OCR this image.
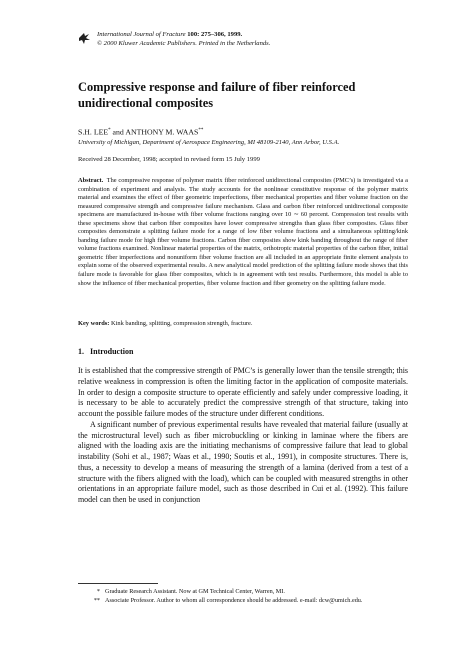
International Journal of Fracture 100: 275–306, 1999.
© 2000 Kluwer Academic Publishers. Printed in the Netherlands.
Compressive response and failure of fiber reinforced unidirectional composites
S.H. LEE* and ANTHONY M. WAAS**
University of Michigan, Department of Aerospace Engineering, MI 48109-2140, Ann Arbor, U.S.A.
Received 28 December, 1998; accepted in revised form 15 July 1999

Abstract. The compressive response of polymer matrix fiber reinforced unidirectional composites (PMC’s) is investigated via a combination of experiment and analysis. The study accounts for the nonlinear constitutive response of the polymer matrix material and examines the effect of fiber geometric imperfections, fiber mechanical properties and fiber volume fraction on the measured compressive strength and compressive failure mechanism. Glass and carbon fiber reinforced unidirectional composite specimens are manufactured in-house with fiber volume fractions ranging over 10 ∼ 60 percent. Compression test results with these specimens show that carbon fiber composites have lower compressive strengths than glass fiber composites. Glass fiber composites demonstrate a splitting failure mode for a range of low fiber volume fractions and a simultaneous splitting/kink banding failure mode for high fiber volume fractions. Carbon fiber composites show kink banding throughout the range of fiber volume fractions examined. Nonlinear material properties of the matrix, orthotropic material properties of the carbon fiber, initial geometric fiber imperfections and nonuniform fiber volume fraction are all included in an appropriate finite element analysis to explain some of the observed experimental results. A new analytical model prediction of the splitting failure mode shows that this failure mode is favorable for glass fiber composites, which is in agreement with test results. Furthermore, this model is able to show the influence of fiber mechanical properties, fiber volume fraction and fiber geometry on the splitting failure mode.

Key words: Kink banding, splitting, compression strength, fracture.
1.   Introduction

It is established that the compressive strength of PMC’s is generally lower than the tensile strength; this relative weakness in compression is often the limiting factor in the application of composite materials. In order to design a composite structure to operate efficiently and safely under compressive loading, it is necessary to be able to accurately predict the compressive strength of that structure, taking into account the possible failure modes of the structure under different conditions.

A significant number of previous experimental results have revealed that material failure (usually at the microstructural level) such as fiber microbuckling or kinking in laminae where the fibers are aligned with the loading axis are the initiating mechanisms of compressive failure that lead to global instability (Sohi et al., 1987; Waas et al., 1990; Soutis et al., 1991), in composite structures. There is, thus, a necessity to develop a means of measuring the strength of a lamina (derived from a test of a structure with the fibers aligned with the load), which can be coupled with measured strengths in other orientations in an appropriate failure model, such as those described in Cui et al. (1992). This failure model can then be used in conjunction

* Graduate Research Assistant. Now at GM Technical Center, Warren, MI.
** Associate Professor. Author to whom all correspondence should be addressed. e-mail: dcw@umich.edu.
